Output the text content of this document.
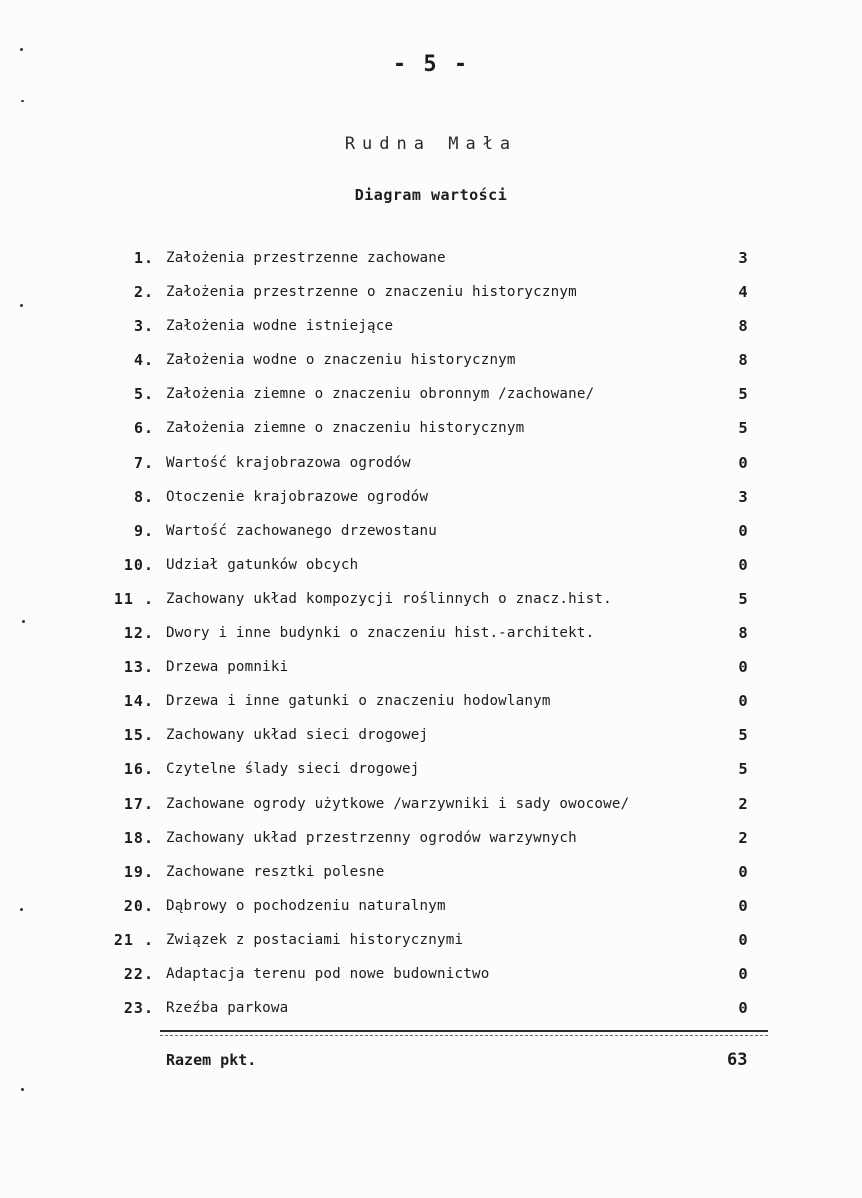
- 5 -
Rudna Mała
Diagram wartości
1. Założenia przestrzenne zachowane	3
2. Założenia przestrzenne o znaczeniu historycznym	4
3. Założenia wodne istniejące	8
4. Założenia wodne o znaczeniu historycznym	8
5. Założenia ziemne o znaczeniu obronnym /zachowane/	5
6. Założenia ziemne o znaczeniu historycznym	5
7. Wartość krajobrazowa ogrodów	0
8. Otoczenie krajobrazowe ogrodów	3
9. Wartość zachowanego drzewostanu	0
10. Udział gatunków obcych	0
11 . Zachowany układ kompozycji roślinnych o znacz.hist.	5
12. Dwory i inne budynki o znaczeniu hist.-architekt.	8
13. Drzewa pomniki	0
14. Drzewa i inne gatunki o znaczeniu hodowlanym	0
15. Zachowany układ sieci drogowej	5
16. Czytelne ślady sieci drogowej	5
17. Zachowane ogrody użytkowe /warzywniki i sady owocowe/	2
18. Zachowany układ przestrzenny ogrodów warzywnych	2
19. Zachowane resztki polesne	0
20. Dąbrowy o pochodzeniu naturalnym	0
21 . Związek z postaciami historycznymi	0
22. Adaptacja terenu pod nowe budownictwo	0
23. Rzeźba parkowa	0
Razem pkt.	63
